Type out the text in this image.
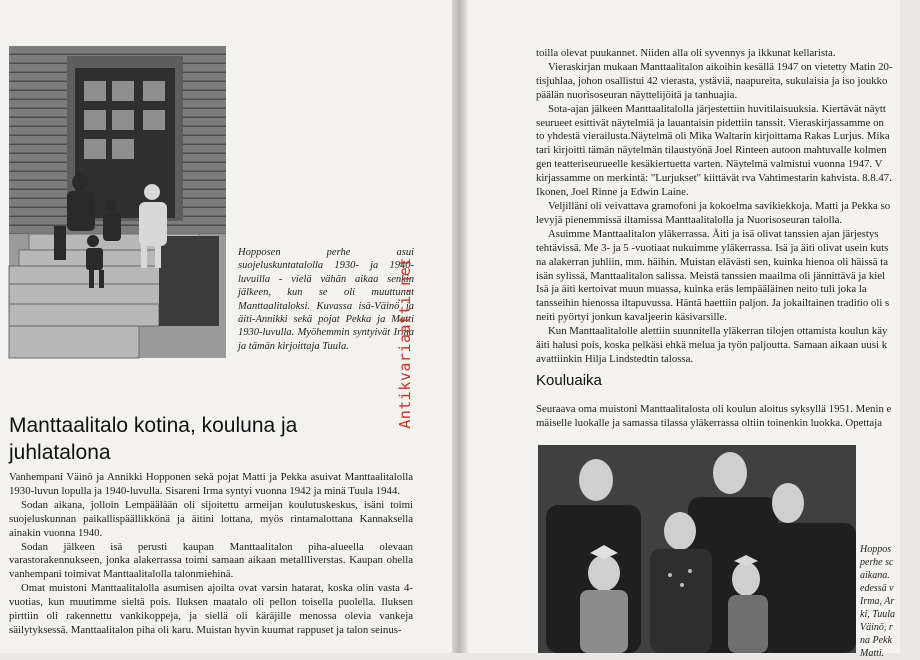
Hopposen perhe asui suojeluskuntatalolla 1930- ja 1940-luvuilla - vielä vähän aikaa senkin jälkeen, kun se oli muuttunut Manttaalitaloksi. Kuvassa isä-Väinö ja äiti-Annikki sekä pojat Pekka ja Matti 1930-luvulla. Myöhemmin syntyivät Irma ja tämän kirjoittaja Tuula.	Antikvariaatti.net
Manttaalitalo kotina, kouluna ja juhlatalona

Vanhempani Väinö ja Annikki Hopponen sekä pojat Matti ja Pekka asuivat Manttaalitalolla 1930-luvun lopulla ja 1940-luvulla. Sisareni Irma syntyi vuonna 1942 ja minä Tuula 1944.

Sodan aikana, jolloin Lempäälään oli sijoitettu armeijan koulutuskeskus, isäni toimi suojeluskunnan paikallispäällikkönä ja äitini lottana, myös rintamalottana Kannaksella ainakin vuonna 1940.

Sodan jälkeen isä perusti kaupan Manttaalitalon piha-alueella olevaan varastorakennukseen, jonka alakerrassa toimi samaan aikaan metallliverstas. Kaupan ohella vanhempani toimivat Manttaalitalolla talonmiehinä.

Omat muistoni Manttaalitalolla asumisen ajoilta ovat varsin hatarat, koska olin vasta 4-vuotias, kun muutimme sieltä pois. Iluksen maatalo oli pellon toisella puolella. Iluksen pirttiin oli rakennettu vankikoppeja, ja siellä oli käräjille menossa olevia vankeja säilytyksessä. Manttaalitalon piha oli karu. Muistan hyvin kuumat rappuset ja talon seinus-

toilla olevat puukannet. Niiden alla oli syvennys ja ikkunat kellarista.

Vieraskirjan mukaan Manttaalitalon aikoihin kesällä 1947 on vietetty Matin 20-
tisjuhlaa, johon osallistui 42 vierasta, ystäviä, naapureita, sukulaisia ja iso joukko
päälän nuorisoseuran näyttelijöitä ja tanhuajia.

Sota-ajan jälkeen Manttaalitalolla järjestettiin huvitilaisuuksia. Kiertävät näytt
seurueet esittivät näytelmiä ja lauantaisin pidettiin tanssit. Vieraskirjassamme on
to yhdestä vierailusta.Näytelmä oli Mika Waltarin kirjoittama Rakas Lurjus. Mika
tari kirjoitti tämän näytelmän tilaustyönä Joel Rinteen autoon mahtuvalle kolmen
gen teatteriseurueelle kesäkiertuetta varten. Näytelmä valmistui vuonna 1947. V
kirjassamme on merkintä: "Lurjukset" kiittävät rva Vahtimestarin kahvista. 8.8.47.
Ikonen, Joel Rinne ja Edwin Laine.

Veljilläni oli veivattava gramofoni ja kokoelma savikiekkoja. Matti ja Pekka so
levyjä pienemmissä iltamissa Manttaalitalolla ja Nuorisoseuran talolla.

Asuimme Manttaalitalon yläkerrassa. Äiti ja isä olivat tanssien ajan järjestys
tehtävissä. Me 3- ja 5 -vuotiaat nukuimme yläkerrassa. Isä ja äiti olivat usein kuts
na alakerran juhliin, mm. häihin. Muistan elävästi sen, kuinka hienoa oli häissä ta
isän sylissä, Manttaalitalon salissa. Meistä tanssien maailma oli jännittävä ja kiel
Isä ja äiti kertoivat muun muassa, kuinka eräs lempääläinen neito tuli joka la
tansseihin hienossa iltapuvussa. Häntä haettiin paljon. Ja jokailtainen traditio oli s
neiti pyörtyi jonkun kavaljeerin käsivarsille.

Kun Manttaalitalolle alettiin suunnitella yläkerran tilojen ottamista koulun käy
äiti halusi pois, koska pelkäsi ehkä melua ja työn paljoutta. Samaan aikaan uusi k
avattiinkin Hilja Lindstedtin talossa.

Kouluaika
Seuraava oma muistoni Manttaalitalosta oli koulun aloitus syksyllä 1951. Menin e
mäiselle luokalle ja samassa tilassa yläkerrassa oltiin toinenkin luokka. Opettaja
Hoppos
perhe sc
aikana.
edessä v
Irma, Ar
ki, Tuula
Väinö, r
na Pekk
Matti.
